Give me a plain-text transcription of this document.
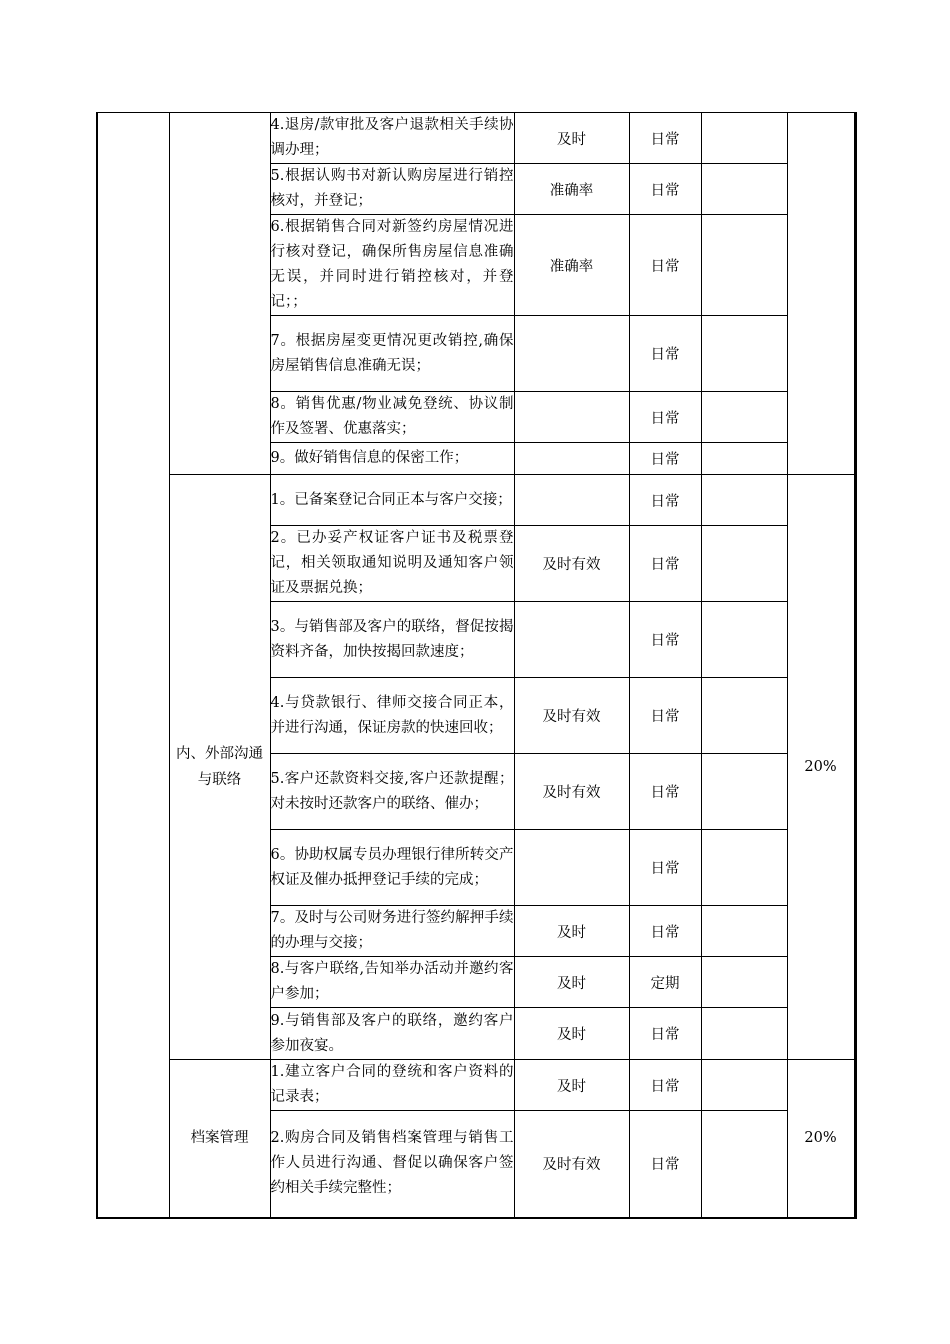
		4.退房/款审批及客户退款相关手续协调办理；	及时	日常		
		5.根据认购书对新认购房屋进行销控核对，并登记；	准确率	日常		
		6.根据销售合同对新签约房屋情况进行核对登记，确保所售房屋信息准确无误，并同时进行销控核对，并登记；；	准确率	日常		
		7。根据房屋变更情况更改销控,确保房屋销售信息准确无误；		日常		
		8。销售优惠/物业减免登统、协议制作及签署、优惠落实；		日常		
		9。做好销售信息的保密工作；		日常		
	内、外部沟通与联络	1。已备案登记合同正本与客户交接；		日常		20%
		2。已办妥产权证客户证书及税票登记，相关领取通知说明及通知客户领证及票据兑换；	及时有效	日常		
		3。与销售部及客户的联络，督促按揭资料齐备，加快按揭回款速度；		日常		
		4.与贷款银行、律师交接合同正本，并进行沟通，保证房款的快速回收；	及时有效	日常		
		5.客户还款资料交接,客户还款提醒；对未按时还款客户的联络、催办；	及时有效	日常		
		6。协助权属专员办理银行律所转交产权证及催办抵押登记手续的完成；		日常		
		7。及时与公司财务进行签约解押手续的办理与交接；	及时	日常		
		8.与客户联络,告知举办活动并邀约客户参加；	及时	定期		
		9.与销售部及客户的联络，邀约客户参加夜宴。	及时	日常		
	档案管理	1.建立客户合同的登统和客户资料的记录表；	及时	日常		20%
		2.购房合同及销售档案管理与销售工作人员进行沟通、督促以确保客户签约相关手续完整性；	及时有效	日常		
